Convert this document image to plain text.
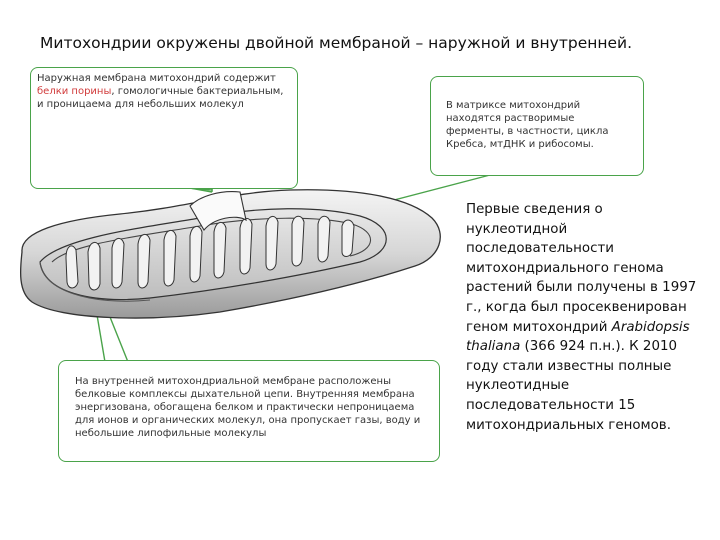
Митохондрии окружены двойной мембраной – наружной и внутренней.
Наружная мембрана митохондрий содержит белки порины, гомологичные бактериальным, и проницаема для небольших молекул	В матриксе митохондрий находятся растворимые ферменты, в частности, цикла Кребса, мтДНК и рибосомы.
На внутренней митохондриальной мембране расположены белковые комплексы дыхательной цепи. Внутренняя мембрана энергизована, обогащена белком и практически непроницаема для ионов и органических молекул, она пропускает газы, воду и небольшие липофильные молекулы
Первые сведения о нуклеотидной последовательности митохондриального генома растений были получены в 1997 г., когда был просеквенирован геном митохондрий Arabidopsis thaliana (366 924 п.н.). К 2010 году стали известны полные нуклеотидные последовательности 15 митохондриальных геномов.
